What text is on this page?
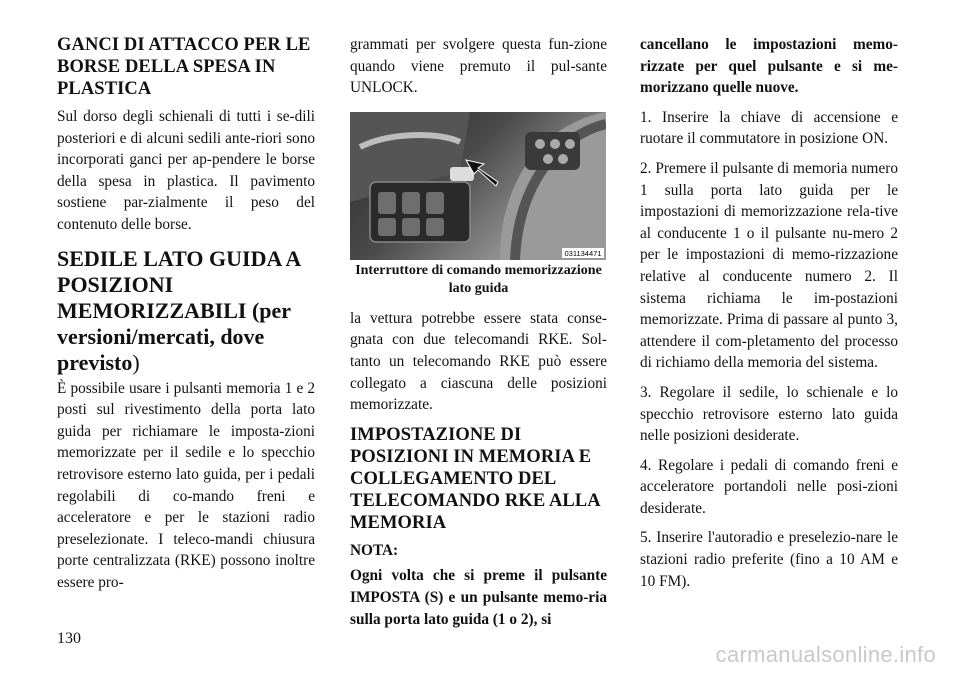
GANCI DI ATTACCO PER LE BORSE DELLA SPESA IN PLASTICA

Sul dorso degli schienali di tutti i se-dili posteriori e di alcuni sedili ante-riori sono incorporati ganci per ap-pendere le borse della spesa in plastica. Il pavimento sostiene par-zialmente il peso del contenuto delle borse.

SEDILE LATO GUIDA A POSIZIONI MEMORIZZABILI (per versioni/mercati, dove previsto)

È possibile usare i pulsanti memoria 1 e 2 posti sul rivestimento della porta lato guida per richiamare le imposta-zioni memorizzate per il sedile e lo specchio retrovisore esterno lato guida, per i pedali regolabili di co-mando freni e acceleratore e per le stazioni radio preselezionate. I teleco-mandi chiusura porte centralizzata (RKE) possono inoltre essere pro-

grammati per svolgere questa fun-zione quando viene premuto il pul-sante UNLOCK.

031134471
Interruttore di comando memorizzazione lato guida

la vettura potrebbe essere stata conse-gnata con due telecomandi RKE. Sol-tanto un telecomando RKE può essere collegato a ciascuna delle posizioni memorizzate.

IMPOSTAZIONE DI POSIZIONI IN MEMORIA E COLLEGAMENTO DEL TELECOMANDO RKE ALLA MEMORIA
NOTA:

Ogni volta che si preme il pulsante IMPOSTA (S) e un pulsante memo-ria sulla porta lato guida (1 o 2), si

cancellano le impostazioni memo-rizzate per quel pulsante e si me-morizzano quelle nuove.

1. Inserire la chiave di accensione e ruotare il commutatore in posizione ON.

2. Premere il pulsante di memoria numero 1 sulla porta lato guida per le impostazioni di memorizzazione rela-tive al conducente 1 o il pulsante nu-mero 2 per le impostazioni di memo-rizzazione relative al conducente numero 2. Il sistema richiama le im-postazioni memorizzate. Prima di passare al punto 3, attendere il com-pletamento del processo di richiamo della memoria del sistema.

3. Regolare il sedile, lo schienale e lo specchio retrovisore esterno lato guida nelle posizioni desiderate.

4. Regolare i pedali di comando freni e acceleratore portandoli nelle posi-zioni desiderate.

5. Inserire l'autoradio e preselezio-nare le stazioni radio preferite (fino a 10 AM e 10 FM).

130
carmanualsonline.info
